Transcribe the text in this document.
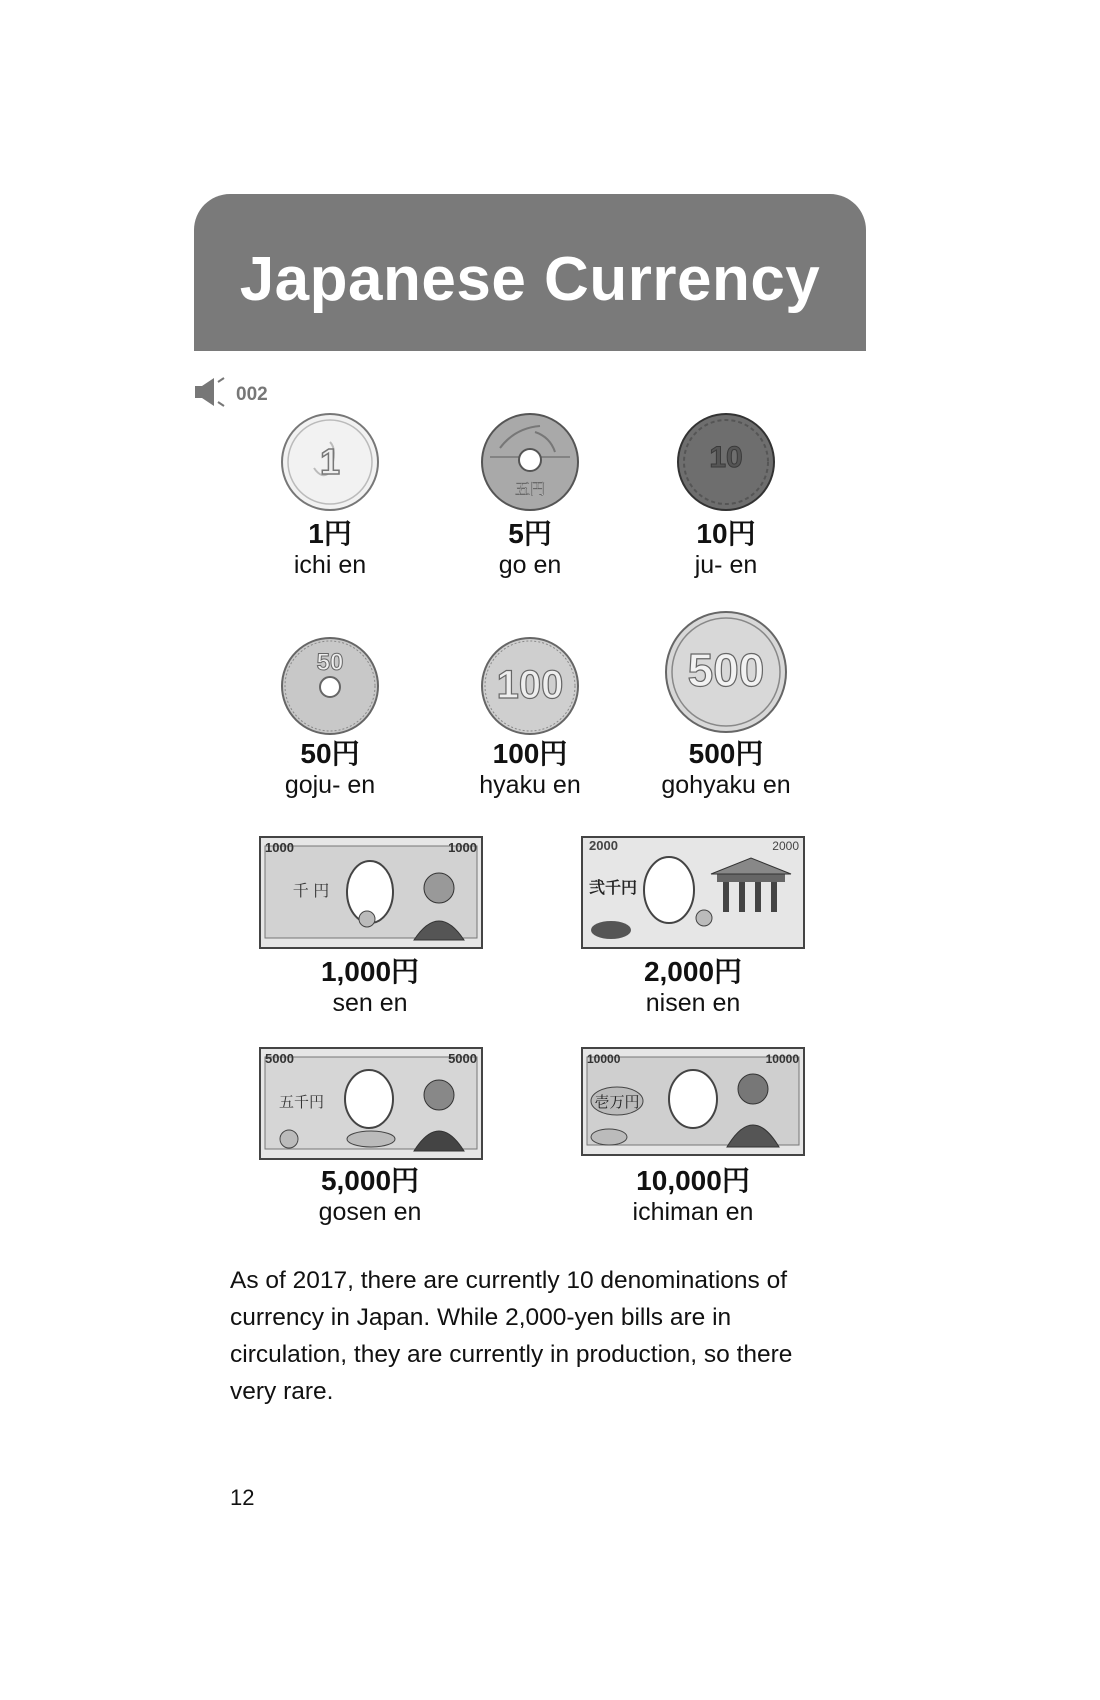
Japanese Currency
002
1
1円
ichi en
五円
5円
go en
10
10円
ju- en
50
50円
goju- en
100
100円
hyaku en
500
500円
gohyaku en
1000	1000
千 円
1,000円
sen en
2000	2000
弐千円
2,000円
nisen en
5000	5000
五千円
5,000円
gosen en
10000	10000
壱万円
10,000円
ichiman en

As of 2017, there are currently 10 denominations of currency in Japan. While 2,000-yen bills are in circulation, they are currently in production, so there very rare.

12
